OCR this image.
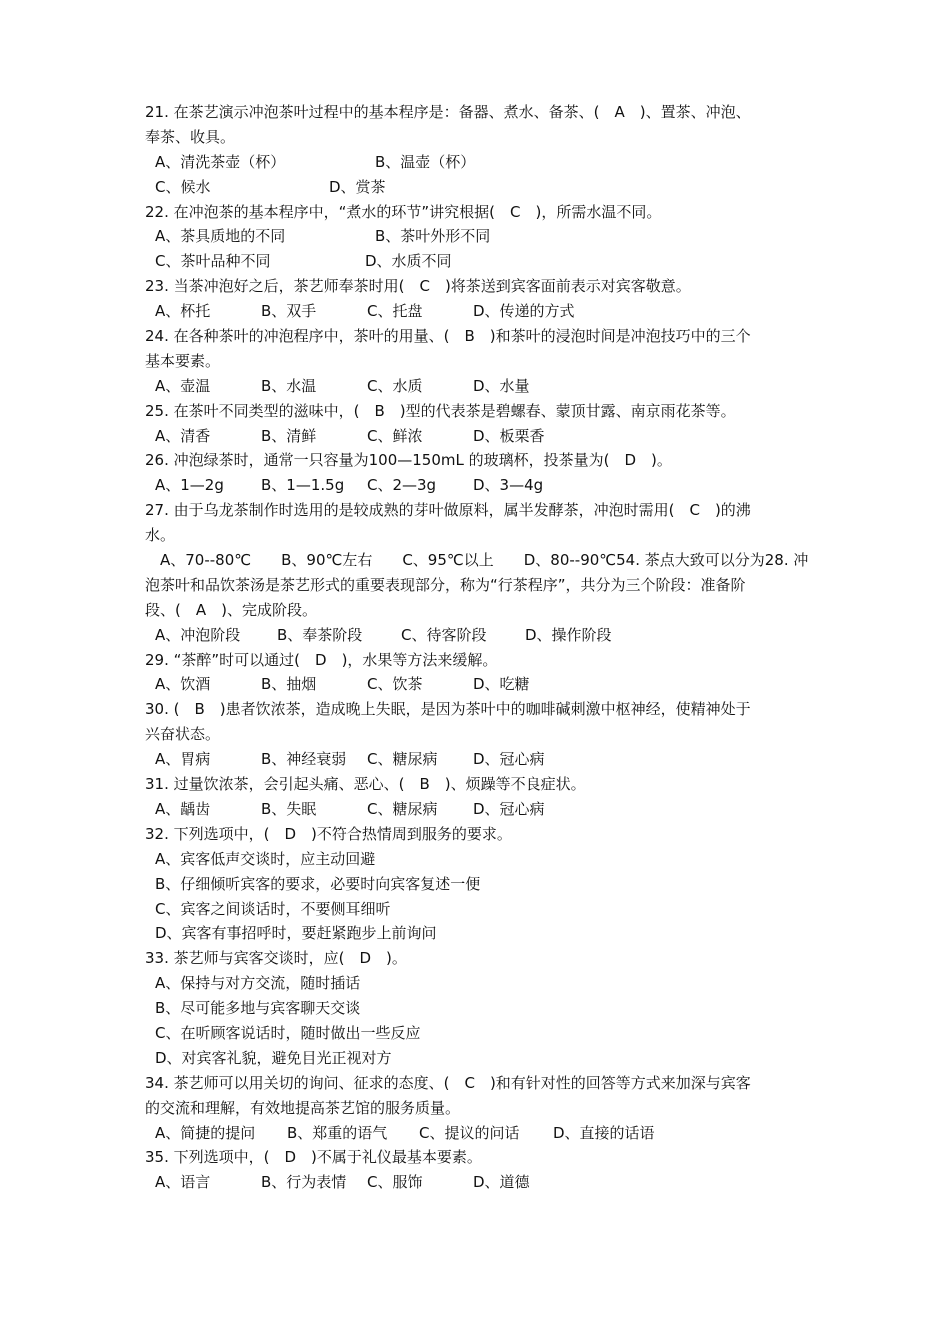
21. 在茶艺演示冲泡茶叶过程中的基本程序是：备器、煮水、备茶、(　A　)、置茶、冲泡、
奉茶、收具。
A、清洗茶壶（杯）	B、温壶（杯）
C、候水	D、赏茶
22. 在冲泡茶的基本程序中，“煮水的环节”讲究根据(　C　)，所需水温不同。
A、茶具质地的不同	B、茶叶外形不同
C、茶叶品种不同	D、水质不同
23. 当茶冲泡好之后，茶艺师奉茶时用(　C　)将茶送到宾客面前表示对宾客敬意。
A、杯托	B、双手	C、托盘	D、传递的方式
24. 在各种茶叶的冲泡程序中，茶叶的用量、(　B　)和茶叶的浸泡时间是冲泡技巧中的三个
基本要素。
A、壶温	B、水温	C、水质	D、水量
25. 在茶叶不同类型的滋味中，(　B　)型的代表茶是碧螺春、蒙顶甘露、南京雨花茶等。
A、清香	B、清鲜	C、鲜浓	D、板栗香
26. 冲泡绿茶时，通常一只容量为100—150mL 的玻璃杯，投茶量为(　D　)。
A、1—2g B、1—1.5g C、2—3g D、3—4g
27. 由于乌龙茶制作时选用的是较成熟的芽叶做原料，属半发酵茶，冲泡时需用(　C　)的沸
水。
　A、70--80℃　　B、90℃左右　　C、95℃以上　　D、80--90℃54. 茶点大致可以分为28. 冲
泡茶叶和品饮茶汤是茶艺形式的重要表现部分，称为“行茶程序”，共分为三个阶段：准备阶
段、(　A　)、完成阶段。
A、冲泡阶段 B、奉茶阶段	C、待客阶段	D、操作阶段
29. “茶醉”时可以通过(　D　)，水果等方法来缓解。
A、饮酒	B、抽烟	C、饮茶	D、吃糖
30. (　B　)患者饮浓茶，造成晚上失眠，是因为茶叶中的咖啡碱刺激中枢神经，使精神处于
兴奋状态。
A、胃病	B、神经衰弱 C、糖尿病 D、冠心病
31. 过量饮浓茶，会引起头痛、恶心、(　B　)、烦躁等不良症状。
A、龋齿	B、失眠	C、糖尿病 D、冠心病
32. 下列选项中，(　D　)不符合热情周到服务的要求。
A、宾客低声交谈时，应主动回避
B、仔细倾听宾客的要求，必要时向宾客复述一便
C、宾客之间谈话时，不要侧耳细听
D、宾客有事招呼时，要赶紧跑步上前询问
33. 茶艺师与宾客交谈时，应(　D　)。
A、保持与对方交流，随时插话
B、尽可能多地与宾客聊天交谈
C、在听顾客说话时，随时做出一些反应
D、对宾客礼貌，避免目光正视对方
34. 茶艺师可以用关切的询问、征求的态度、(　C　)和有针对性的回答等方式来加深与宾客
的交流和理解，有效地提高茶艺馆的服务质量。
A、简捷的提问 B、郑重的语气 C、提议的问话 D、直接的话语
35. 下列选项中，(　D　)不属于礼仪最基本要素。
A、语言	B、行为表情 C、服饰	D、道德
